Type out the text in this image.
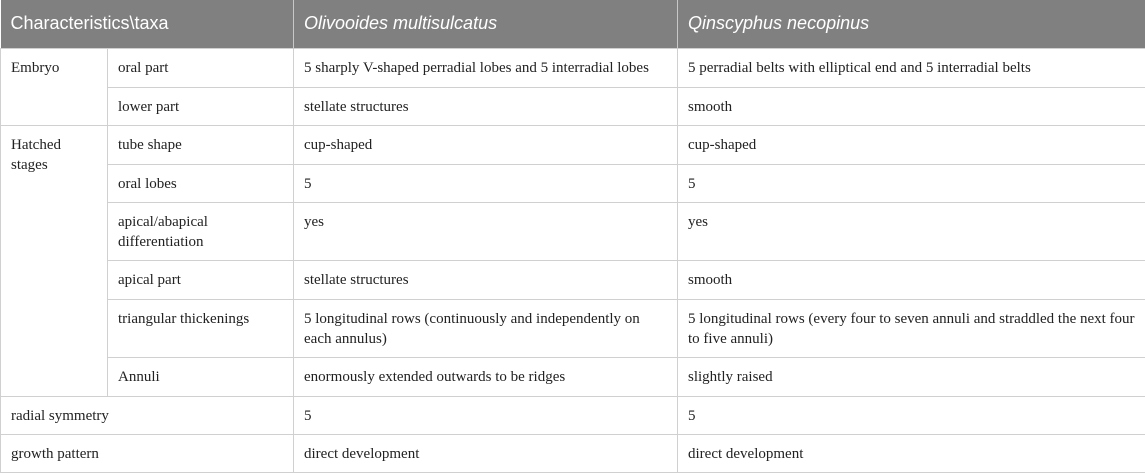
Characteristics\taxa		Olivooides multisulcatus	Qinscyphus necopinus
Embryo	oral part	5 sharply V-shaped perradial lobes and 5 interradial lobes	5 perradial belts with elliptical end and 5 interradial belts
	lower part	stellate structures	smooth
Hatched stages	tube shape	cup-shaped	cup-shaped
	oral lobes	5	5
	apical/abapical differentiation	yes	yes
	apical part	stellate structures	smooth
	triangular thickenings	5 longitudinal rows (continuously and independently on each annulus)	5 longitudinal rows (every four to seven annuli and straddled the next four to five annuli)
	Annuli	enormously extended outwards to be ridges	slightly raised
radial symmetry		5	5
growth pattern		direct development	direct development
